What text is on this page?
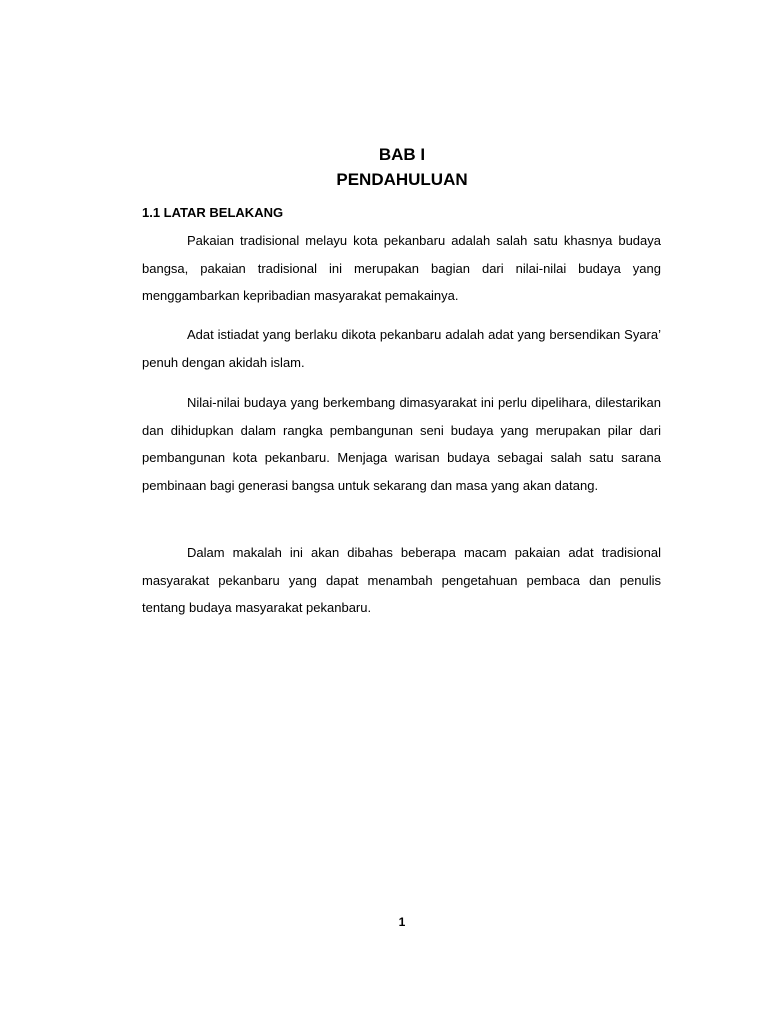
BAB I
PENDAHULUAN
1.1 LATAR BELAKANG

Pakaian tradisional melayu kota pekanbaru adalah salah satu khasnya budaya bangsa, pakaian tradisional ini merupakan bagian dari nilai-nilai budaya yang menggambarkan kepribadian masyarakat pemakainya.

Adat istiadat yang berlaku dikota pekanbaru adalah adat yang bersendikan Syara’ penuh dengan akidah islam.

Nilai-nilai budaya yang berkembang dimasyarakat ini perlu dipelihara, dilestarikan dan dihidupkan dalam rangka pembangunan seni budaya yang merupakan pilar dari pembangunan kota pekanbaru. Menjaga warisan budaya sebagai salah satu sarana pembinaan bagi generasi bangsa untuk sekarang dan masa yang akan datang.

Dalam makalah ini akan dibahas beberapa macam pakaian adat tradisional masyarakat pekanbaru yang dapat menambah pengetahuan pembaca dan penulis tentang budaya masyarakat pekanbaru.

1
